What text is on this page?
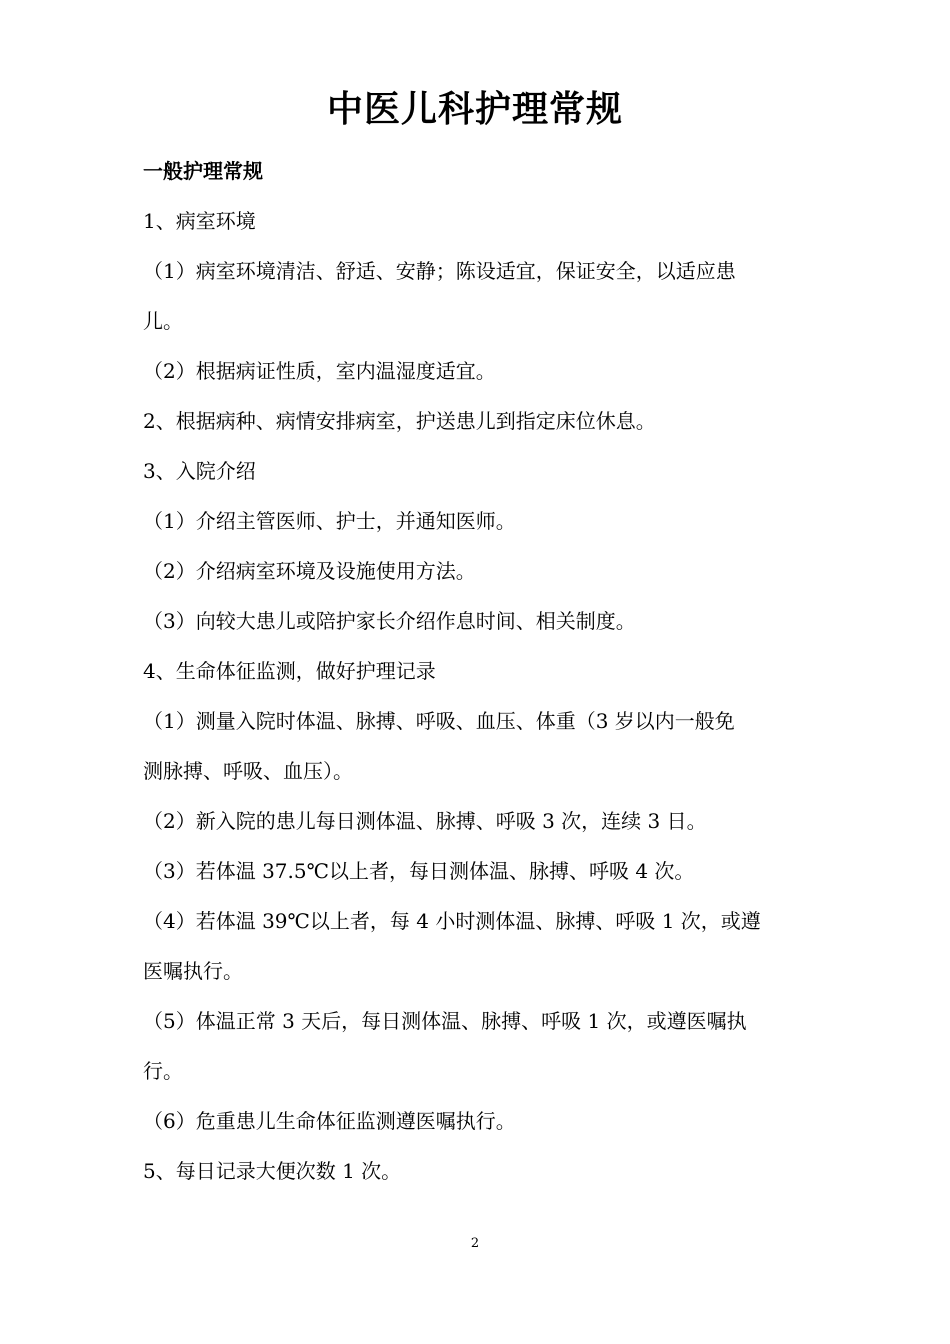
中医儿科护理常规
一般护理常规
1、病室环境
（1）病室环境清洁、舒适、安静；陈设适宜，保证安全，以适应患
儿。
（2）根据病证性质，室内温湿度适宜。
2、根据病种、病情安排病室，护送患儿到指定床位休息。
3、入院介绍
（1）介绍主管医师、护士，并通知医师。
（2）介绍病室环境及设施使用方法。
（3）向较大患儿或陪护家长介绍作息时间、相关制度。
4、生命体征监测，做好护理记录
（1）测量入院时体温、脉搏、呼吸、血压、体重（3 岁以内一般免
测脉搏、呼吸、血压）。
（2）新入院的患儿每日测体温、脉搏、呼吸 3 次，连续 3 日。
（3）若体温 37.5℃以上者，每日测体温、脉搏、呼吸 4 次。
（4）若体温 39℃以上者，每 4 小时测体温、脉搏、呼吸 1 次，或遵
医嘱执行。
（5）体温正常 3 天后，每日测体温、脉搏、呼吸 1 次，或遵医嘱执
行。
（6）危重患儿生命体征监测遵医嘱执行。
5、每日记录大便次数 1 次。
2
